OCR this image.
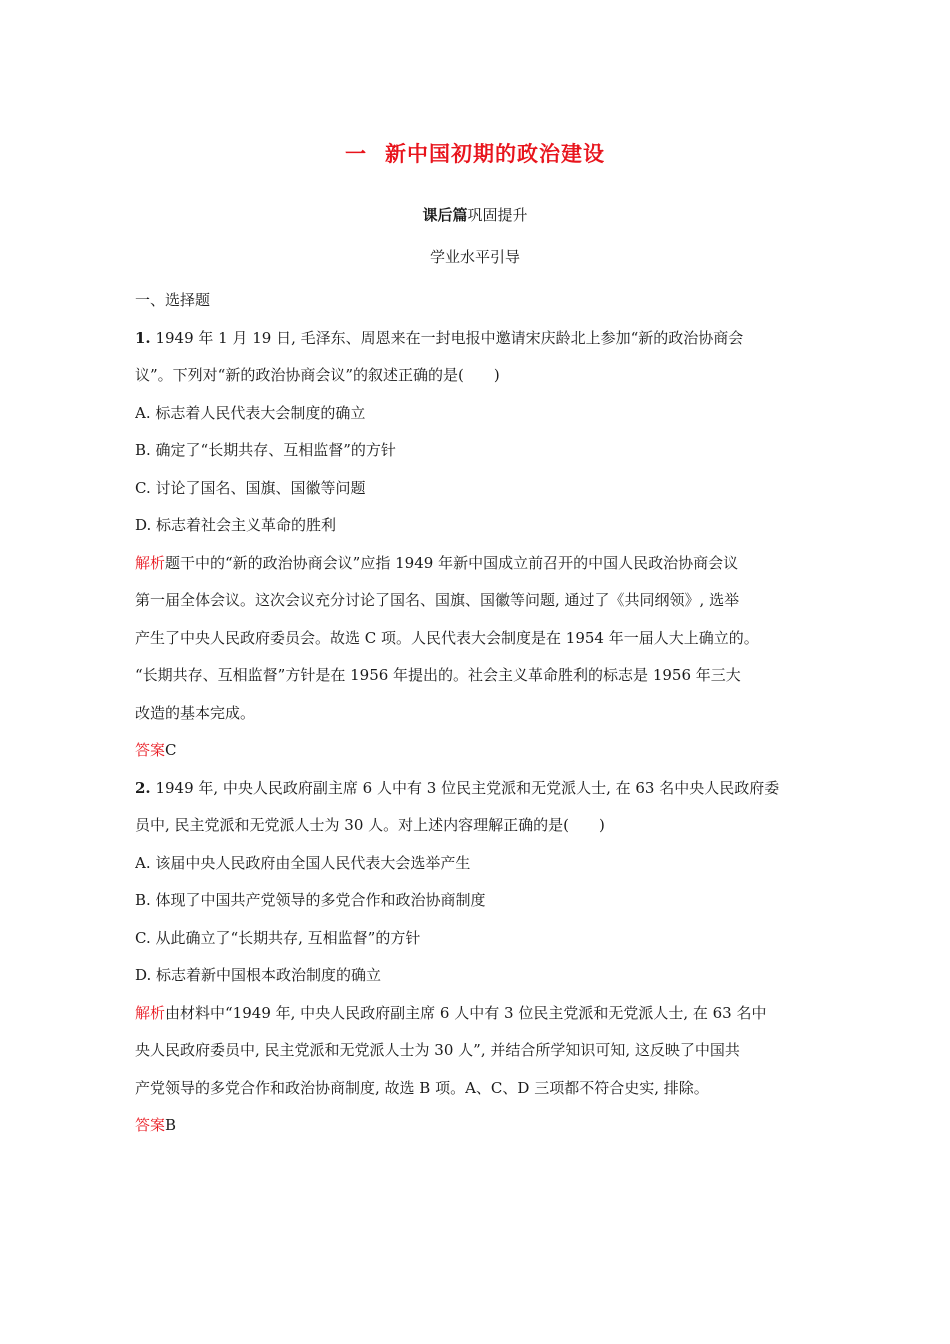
一 新中国初期的政治建设
课后篇巩固提升
学业水平引导
一、选择题
1. 1949 年 1 月 19 日, 毛泽东、周恩来在一封电报中邀请宋庆龄北上参加“新的政治协商会
议”。下列对“新的政治协商会议”的叙述正确的是(　　)
A. 标志着人民代表大会制度的确立
B. 确定了“长期共存、互相监督”的方针
C. 讨论了国名、国旗、国徽等问题
D. 标志着社会主义革命的胜利
解析题干中的“新的政治协商会议”应指 1949 年新中国成立前召开的中国人民政治协商会议
第一届全体会议。这次会议充分讨论了国名、国旗、国徽等问题, 通过了《共同纲领》, 选举
产生了中央人民政府委员会。故选 C 项。人民代表大会制度是在 1954 年一届人大上确立的。
“长期共存、互相监督”方针是在 1956 年提出的。社会主义革命胜利的标志是 1956 年三大
改造的基本完成。
答案C
2. 1949 年, 中央人民政府副主席 6 人中有 3 位民主党派和无党派人士, 在 63 名中央人民政府委
员中, 民主党派和无党派人士为 30 人。对上述内容理解正确的是(　　)
A. 该届中央人民政府由全国人民代表大会选举产生
B. 体现了中国共产党领导的多党合作和政治协商制度
C. 从此确立了“长期共存, 互相监督”的方针
D. 标志着新中国根本政治制度的确立
解析由材料中“1949 年, 中央人民政府副主席 6 人中有 3 位民主党派和无党派人士, 在 63 名中
央人民政府委员中, 民主党派和无党派人士为 30 人”, 并结合所学知识可知, 这反映了中国共
产党领导的多党合作和政治协商制度, 故选 B 项。A、C、D 三项都不符合史实, 排除。
答案B
